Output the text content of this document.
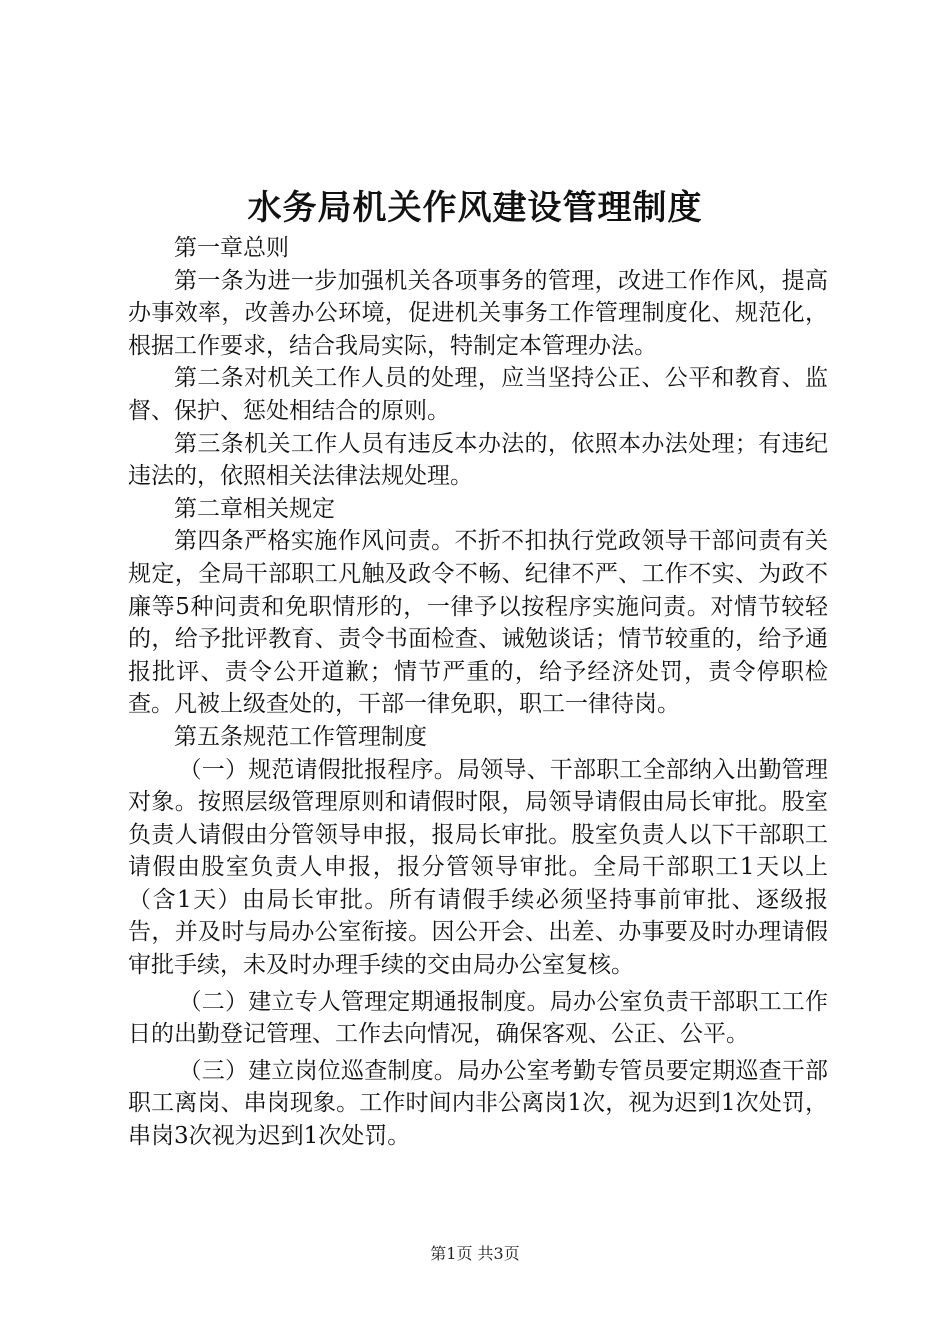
水务局机关作风建设管理制度

第一章总则

第一条为进一步加强机关各项事务的管理，改进工作作风，提高办事效率，改善办公环境，促进机关事务工作管理制度化、规范化，根据工作要求，结合我局实际，特制定本管理办法。

第二条对机关工作人员的处理，应当坚持公正、公平和教育、监督、保护、惩处相结合的原则。

第三条机关工作人员有违反本办法的，依照本办法处理；有违纪违法的，依照相关法律法规处理。

第二章相关规定

第四条严格实施作风问责。不折不扣执行党政领导干部问责有关规定，全局干部职工凡触及政令不畅、纪律不严、工作不实、为政不廉等5种问责和免职情形的，一律予以按程序实施问责。对情节较轻的，给予批评教育、责令书面检查、诫勉谈话；情节较重的，给予通报批评、责令公开道歉；情节严重的，给予经济处罚，责令停职检查。凡被上级查处的，干部一律免职，职工一律待岗。

第五条规范工作管理制度

（一）规范请假批报程序。局领导、干部职工全部纳入出勤管理对象。按照层级管理原则和请假时限，局领导请假由局长审批。股室负责人请假由分管领导申报，报局长审批。股室负责人以下干部职工请假由股室负责人申报，报分管领导审批。全局干部职工1天以上（含1天）由局长审批。所有请假手续必须坚持事前审批、逐级报告，并及时与局办公室衔接。因公开会、出差、办事要及时办理请假审批手续，未及时办理手续的交由局办公室复核。

（二）建立专人管理定期通报制度。局办公室负责干部职工工作日的出勤登记管理、工作去向情况，确保客观、公正、公平。

（三）建立岗位巡查制度。局办公室考勤专管员要定期巡查干部职工离岗、串岗现象。工作时间内非公离岗1次，视为迟到1次处罚，串岗3次视为迟到1次处罚。

第1页 共3页
